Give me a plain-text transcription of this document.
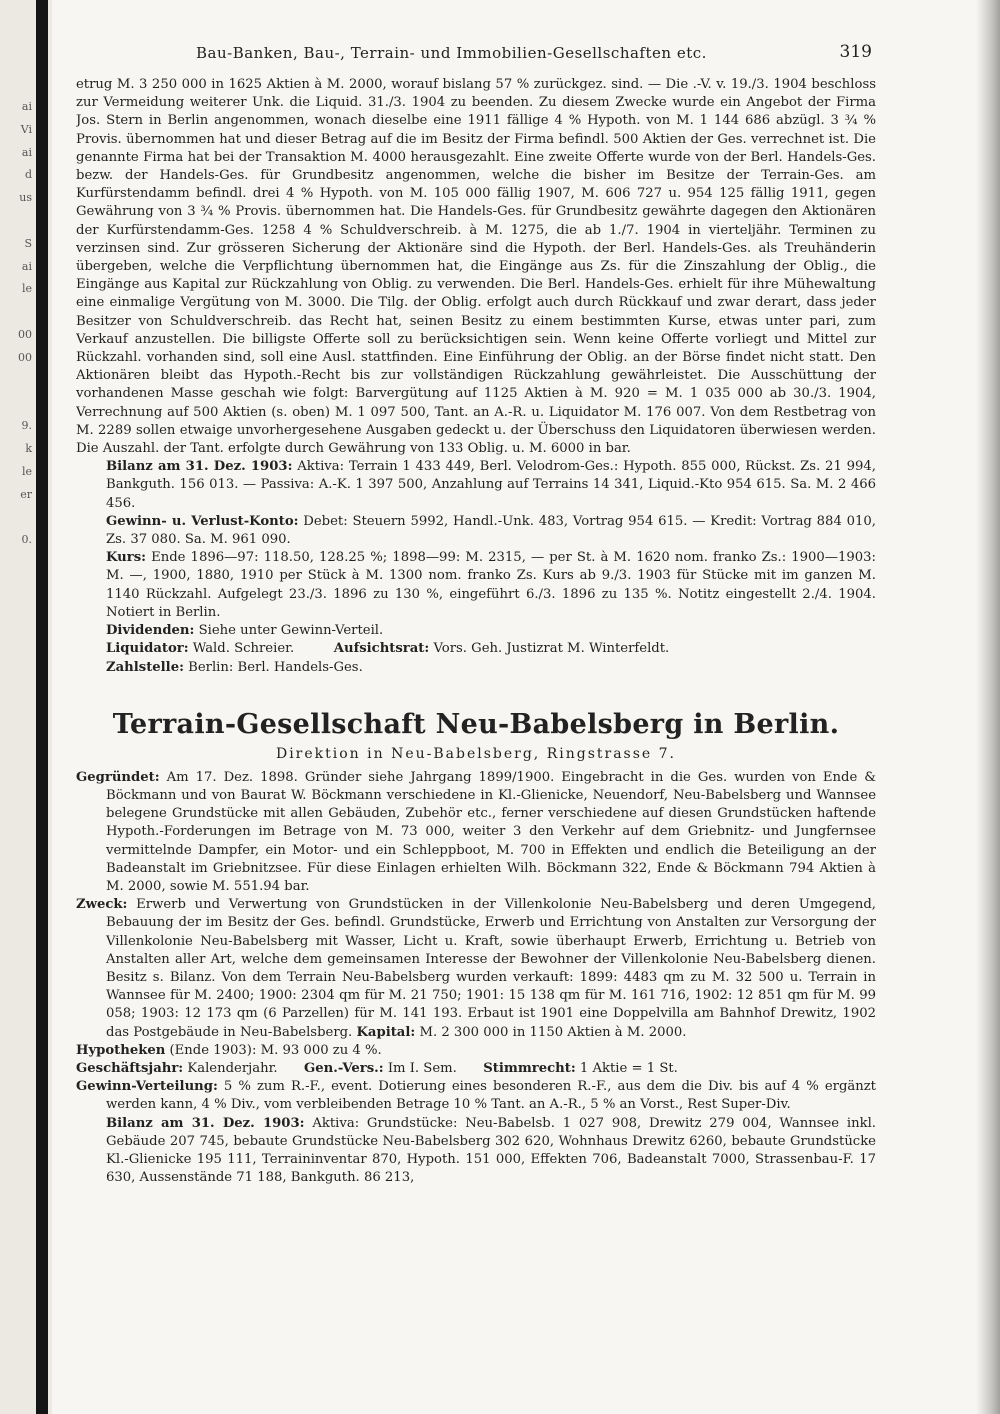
ai
Vi
ai
d
us

S
ai
le

00
00

9.
k
le
er

0.
Bau-Banken, Bau-, Terrain- und Immobilien-Gesellschaften etc.	319

etrug M. 3 250 000 in 1625 Aktien à M. 2000, worauf bislang 57 % zurückgez. sind. — Die .-V. v. 19./3. 1904 beschloss zur Vermeidung weiterer Unk. die Liquid. 31./3. 1904 zu beenden. Zu diesem Zwecke wurde ein Angebot der Firma Jos. Stern in Berlin angenommen, wonach dieselbe eine 1911 fällige 4 % Hypoth. von M. 1 144 686 abzügl. 3 ¾ % Provis. übernommen hat und dieser Betrag auf die im Besitz der Firma befindl. 500 Aktien der Ges. verrechnet ist. Die genannte Firma hat bei der Transaktion M. 4000 herausgezahlt. Eine zweite Offerte wurde von der Berl. Handels-Ges. bezw. der Handels-Ges. für Grundbesitz angenommen, welche die bisher im Besitze der Terrain-Ges. am Kurfürstendamm befindl. drei 4 % Hypoth. von M. 105 000 fällig 1907, M. 606 727 u. 954 125 fällig 1911, gegen Gewährung von 3 ¾ % Provis. übernommen hat. Die Handels-Ges. für Grundbesitz gewährte dagegen den Aktionären der Kurfürstendamm-Ges. 1258 4 % Schuldverschreib. à M. 1275, die ab 1./7. 1904 in vierteljähr. Terminen zu verzinsen sind. Zur grösseren Sicherung der Aktionäre sind die Hypoth. der Berl. Handels-Ges. als Treuhänderin übergeben, welche die Verpflichtung übernommen hat, die Eingänge aus Zs. für die Zinszahlung der Oblig., die Eingänge aus Kapital zur Rückzahlung von Oblig. zu verwenden. Die Berl. Handels-Ges. erhielt für ihre Mühewaltung eine einmalige Vergütung von M. 3000. Die Tilg. der Oblig. erfolgt auch durch Rückkauf und zwar derart, dass jeder Besitzer von Schuldverschreib. das Recht hat, seinen Besitz zu einem bestimmten Kurse, etwas unter pari, zum Verkauf anzustellen. Die billigste Offerte soll zu berücksichtigen sein. Wenn keine Offerte vorliegt und Mittel zur Rückzahl. vorhanden sind, soll eine Ausl. stattfinden. Eine Einführung der Oblig. an der Börse findet nicht statt. Den Aktionären bleibt das Hypoth.-Recht bis zur vollständigen Rückzahlung gewährleistet. Die Ausschüttung der vorhandenen Masse geschah wie folgt: Barvergütung auf 1125 Aktien à M. 920 = M. 1 035 000 ab 30./3. 1904, Verrechnung auf 500 Aktien (s. oben) M. 1 097 500, Tant. an A.-R. u. Liquidator M. 176 007. Von dem Restbetrag von M. 2289 sollen etwaige unvorhergesehene Ausgaben gedeckt u. der Überschuss den Liquidatoren überwiesen werden. Die Auszahl. der Tant. erfolgte durch Gewährung von 133 Oblig. u. M. 6000 in bar.

Bilanz am 31. Dez. 1903: Aktiva: Terrain 1 433 449, Berl. Velodrom-Ges.: Hypoth. 855 000, Rückst. Zs. 21 994, Bankguth. 156 013. — Passiva: A.-K. 1 397 500, Anzahlung auf Terrains 14 341, Liquid.-Kto 954 615. Sa. M. 2 466 456.

Gewinn- u. Verlust-Konto: Debet: Steuern 5992, Handl.-Unk. 483, Vortrag 954 615. — Kredit: Vortrag 884 010, Zs. 37 080. Sa. M. 961 090.

Kurs: Ende 1896—97: 118.50, 128.25 %; 1898—99: M. 2315, — per St. à M. 1620 nom. franko Zs.: 1900—1903: M. —, 1900, 1880, 1910 per Stück à M. 1300 nom. franko Zs. Kurs ab 9./3. 1903 für Stücke mit im ganzen M. 1140 Rückzahl. Aufgelegt 23./3. 1896 zu 130 %, eingeführt 6./3. 1896 zu 135 %. Notitz eingestellt 2./4. 1904. Notiert in Berlin.

Dividenden: Siehe unter Gewinn-Verteil.

Liquidator: Wald. Schreier.   	Aufsichtsrat: Vors. Geh. Justizrat M. Winterfeldt.

Zahlstelle: Berlin: Berl. Handels-Ges.

Terrain-Gesellschaft Neu-Babelsberg in Berlin.
Direktion in Neu-Babelsberg, Ringstrasse 7.

Gegründet: Am 17. Dez. 1898. Gründer siehe Jahrgang 1899/1900. Eingebracht in die Ges. wurden von Ende & Böckmann und von Baurat W. Böckmann verschiedene in Kl.-Glienicke, Neuendorf, Neu-Babelsberg und Wannsee belegene Grundstücke mit allen Gebäuden, Zubehör etc., ferner verschiedene auf diesen Grundstücken haftende Hypoth.-Forderungen im Betrage von M. 73 000, weiter 3 den Verkehr auf dem Griebnitz- und Jungfernsee vermittelnde Dampfer, ein Motor- und ein Schleppboot, M. 700 in Effekten und endlich die Beteiligung an der Badeanstalt im Griebnitzsee. Für diese Einlagen erhielten Wilh. Böckmann 322, Ende & Böckmann 794 Aktien à M. 2000, sowie M. 551.94 bar.

Zweck: Erwerb und Verwertung von Grundstücken in der Villenkolonie Neu-Babelsberg und deren Umgegend, Bebauung der im Besitz der Ges. befindl. Grundstücke, Erwerb und Errichtung von Anstalten zur Versorgung der Villenkolonie Neu-Babelsberg mit Wasser, Licht u. Kraft, sowie überhaupt Erwerb, Errichtung u. Betrieb von Anstalten aller Art, welche dem gemeinsamen Interesse der Bewohner der Villenkolonie Neu-Babelsberg dienen. Besitz s. Bilanz. Von dem Terrain Neu-Babelsberg wurden verkauft: 1899: 4483 qm zu M. 32 500 u. Terrain in Wannsee für M. 2400; 1900: 2304 qm für M. 21 750; 1901: 15 138 qm für M. 161 716, 1902: 12 851 qm für M. 99 058; 1903: 12 173 qm (6 Parzellen) für M. 141 193. Erbaut ist 1901 eine Doppelvilla am Bahnhof Drewitz, 1902 das Postgebäude in Neu-Babelsberg. Kapital: M. 2 300 000 in 1150 Aktien à M. 2000.

Hypotheken (Ende 1903): M. 93 000 zu 4 %.

Geschäftsjahr: Kalenderjahr.   Gen.-Vers.: Im I. Sem.   Stimmrecht: 1 Aktie = 1 St.

Gewinn-Verteilung: 5 % zum R.-F., event. Dotierung eines besonderen R.-F., aus dem die Div. bis auf 4 % ergänzt werden kann, 4 % Div., vom verbleibenden Betrage 10 % Tant. an A.-R., 5 % an Vorst., Rest Super-Div.

Bilanz am 31. Dez. 1903: Aktiva: Grundstücke: Neu-Babelsb. 1 027 908, Drewitz 279 004, Wannsee inkl. Gebäude 207 745, bebaute Grundstücke Neu-Babelsberg 302 620, Wohnhaus Drewitz 6260, bebaute Grundstücke Kl.-Glienicke 195 111, Terraininventar 870, Hypoth. 151 000, Effekten 706, Badeanstalt 7000, Strassenbau-F. 17 630, Aussenstände 71 188, Bankguth. 86 213,
